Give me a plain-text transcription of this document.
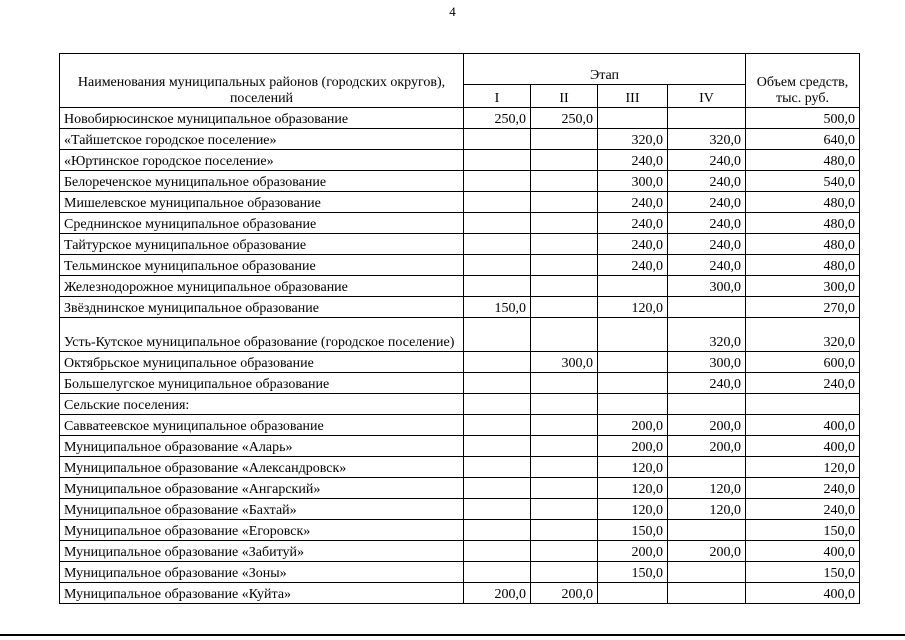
4
Наименования муниципальных районов (городских округов), поселений	Этап				Объем средств, тыс. руб.
	I	II	III	IV	
Новобирюсинское муниципальное образование	250,0	250,0			500,0
«Тайшетское городское поселение»			320,0	320,0	640,0
«Юртинское городское поселение»			240,0	240,0	480,0
Белореченское муниципальное образование			300,0	240,0	540,0
Мишелевское муниципальное образование			240,0	240,0	480,0
Среднинское муниципальное образование			240,0	240,0	480,0
Тайтурское муниципальное образование			240,0	240,0	480,0
Тельминское муниципальное образование			240,0	240,0	480,0
Железнодорожное муниципальное образование				300,0	300,0
Звёзднинское муниципальное образование	150,0		120,0		270,0
Усть-Кутское муниципальное образование (городское поселение)				320,0	320,0
Октябрьское муниципальное образование		300,0		300,0	600,0
Большелугское муниципальное образование				240,0	240,0
Сельские поселения:					
Савватеевское муниципальное образование			200,0	200,0	400,0
Муниципальное образование «Аларь»			200,0	200,0	400,0
Муниципальное образование «Александровск»			120,0		120,0
Муниципальное образование «Ангарский»			120,0	120,0	240,0
Муниципальное образование «Бахтай»			120,0	120,0	240,0
Муниципальное образование «Егоровск»			150,0		150,0
Муниципальное образование «Забитуй»			200,0	200,0	400,0
Муниципальное образование «Зоны»			150,0		150,0
Муниципальное образование «Куйта»	200,0	200,0			400,0
